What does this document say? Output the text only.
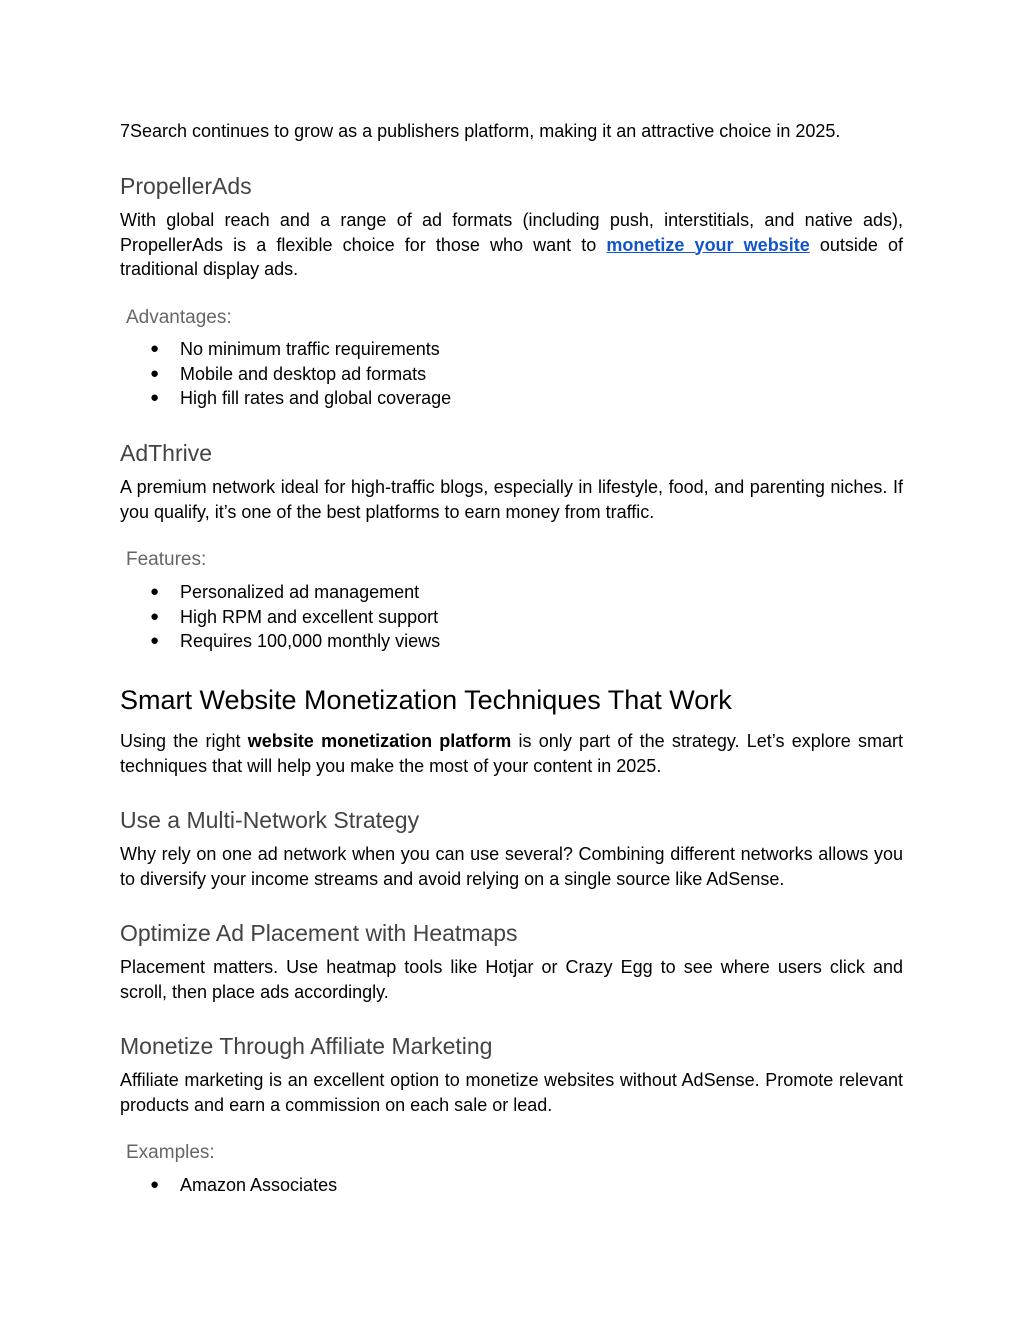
7Search continues to grow as a publishers platform, making it an attractive choice in 2025.

PropellerAds

With global reach and a range of ad formats (including push, interstitials, and native ads), PropellerAds is a flexible choice for those who want to monetize your website outside of traditional display ads.

Advantages:

● No minimum traffic requirements
● Mobile and desktop ad formats
● High fill rates and global coverage
AdThrive

A premium network ideal for high-traffic blogs, especially in lifestyle, food, and parenting niches. If you qualify, it’s one of the best platforms to earn money from traffic.

Features:

● Personalized ad management
● High RPM and excellent support
● Requires 100,000 monthly views
Smart Website Monetization Techniques That Work

Using the right website monetization platform is only part of the strategy. Let’s explore smart techniques that will help you make the most of your content in 2025.

Use a Multi-Network Strategy

Why rely on one ad network when you can use several? Combining different networks allows you to diversify your income streams and avoid relying on a single source like AdSense.

Optimize Ad Placement with Heatmaps

Placement matters. Use heatmap tools like Hotjar or Crazy Egg to see where users click and scroll, then place ads accordingly.

Monetize Through Affiliate Marketing

Affiliate marketing is an excellent option to monetize websites without AdSense. Promote relevant products and earn a commission on each sale or lead.

Examples:

● Amazon Associates
